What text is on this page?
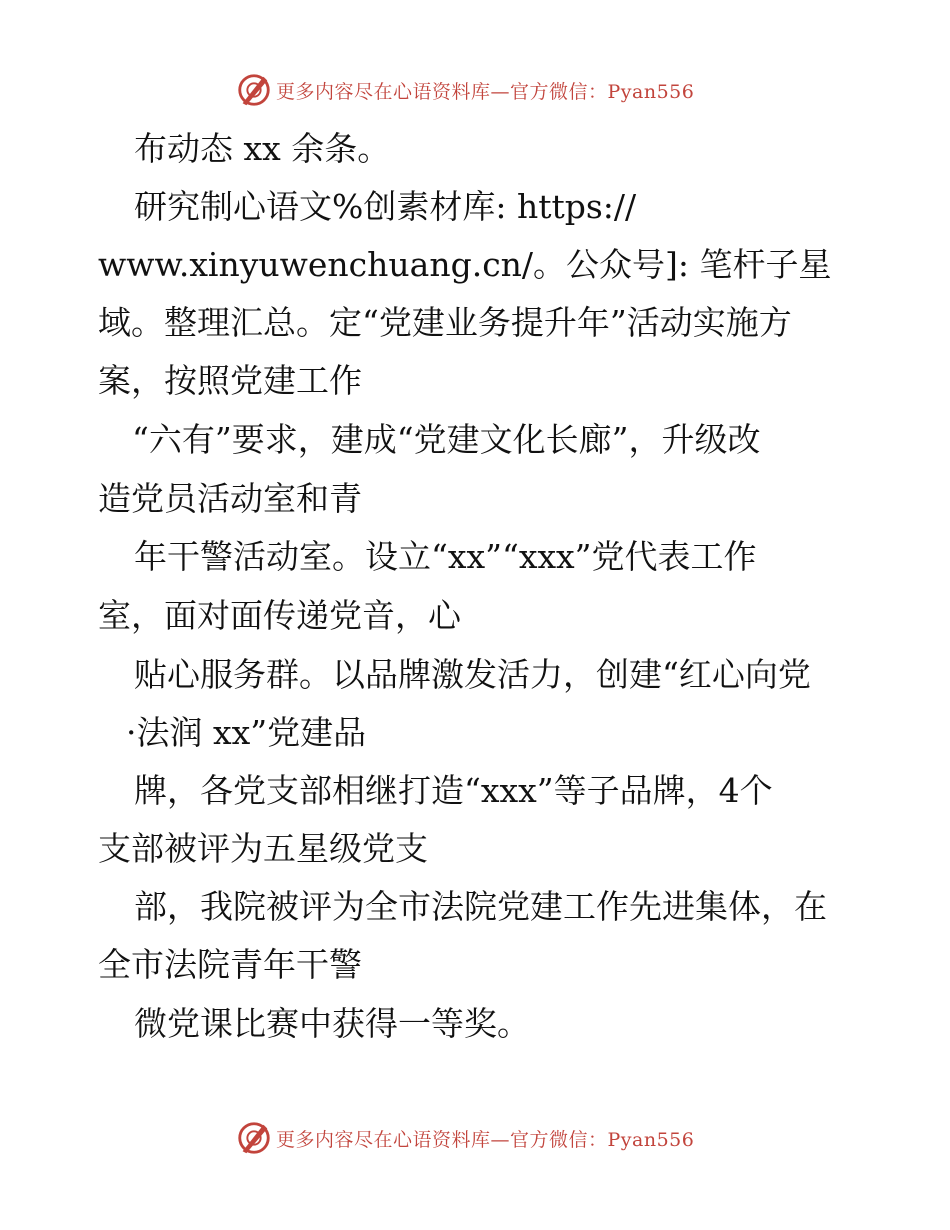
更多内容尽在心语资料库—官方微信：Pyan556
布动态 xx 余条。
研究制心语文%创素材库: https://
www.xinyuwenchuang.cn/。公众号]: 笔杆子星
域。整理汇总。定“党建业务提升年”活动实施方
案，按照党建工作
“六有”要求，建成“党建文化长廊”，升级改
造党员活动室和青
年干警活动室。设立“xx”“xxx”党代表工作
室，面对面传递党音，心
贴心服务群。以品牌激发活力，创建“红心向党
·法润 xx”党建品
牌，各党支部相继打造“xxx”等子品牌，4个
支部被评为五星级党支
部，我院被评为全市法院党建工作先进集体，在
全市法院青年干警
微党课比赛中获得一等奖。
更多内容尽在心语资料库—官方微信：Pyan556
